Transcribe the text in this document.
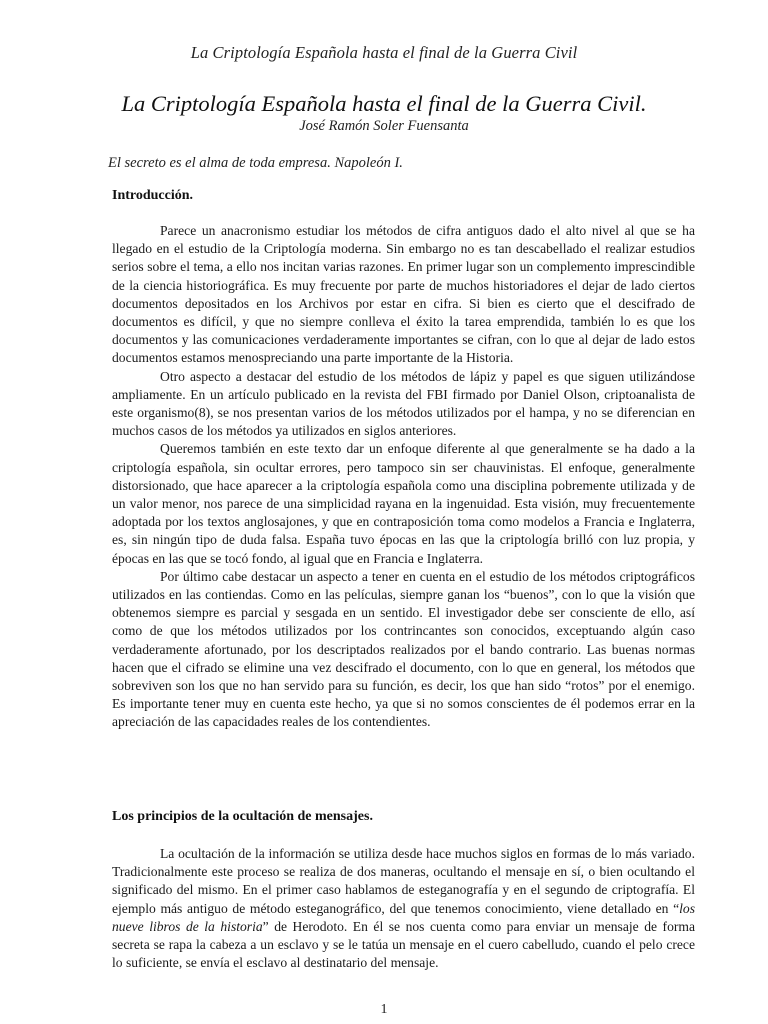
La Criptología Española hasta el final de la Guerra Civil
La Criptología Española hasta el final de la Guerra Civil.
José Ramón Soler Fuensanta
El secreto es el alma de toda empresa. Napoleón I.
Introducción.

Parece un anacronismo estudiar los métodos de cifra antiguos dado el alto nivel al que se ha llegado en el estudio de la Criptología moderna. Sin embargo no es tan descabellado el realizar estudios serios sobre el tema, a ello nos incitan varias razones. En primer lugar son un complemento imprescindible de la ciencia historiográfica. Es muy frecuente por parte de muchos historiadores el dejar de lado ciertos documentos depositados en los Archivos por estar en cifra. Si bien es cierto que el descifrado de documentos es difícil, y que no siempre conlleva el éxito la tarea emprendida, también lo es que los documentos y las comunicaciones verdaderamente importantes se cifran, con lo que al dejar de lado estos documentos estamos menospreciando una parte importante de la Historia.

Otro aspecto a destacar del estudio de los métodos de lápiz y papel es que siguen utilizándose ampliamente. En un artículo publicado en la revista del FBI firmado por Daniel Olson, criptoanalista de este organismo(8), se nos presentan varios de los métodos utilizados por el hampa, y no se diferencian en muchos casos de los métodos ya utilizados en siglos anteriores.

Queremos también en este texto dar un enfoque diferente al que generalmente se ha dado a la criptología española, sin ocultar errores, pero tampoco sin ser chauvinistas. El enfoque, generalmente distorsionado, que hace aparecer a la criptología española como una disciplina pobremente utilizada y de un valor menor, nos parece de una simplicidad rayana en la ingenuidad. Esta visión, muy frecuentemente adoptada por los textos anglosajones, y que en contraposición toma como modelos a Francia e Inglaterra, es, sin ningún tipo de duda falsa. España tuvo épocas en las que la criptología brilló con luz propia, y épocas en las que se tocó fondo, al igual que en Francia e Inglaterra.

Por último cabe destacar un aspecto a tener en cuenta en el estudio de los métodos criptográficos utilizados en las contiendas. Como en las películas, siempre ganan los “buenos”, con lo que la visión que obtenemos siempre es parcial y sesgada en un sentido. El investigador debe ser consciente de ello, así como de que los métodos utilizados por los contrincantes son conocidos, exceptuando algún caso verdaderamente afortunado, por los descriptados realizados por el bando contrario. Las buenas normas hacen que el cifrado se elimine una vez descifrado el documento, con lo que en general, los métodos que sobreviven son los que no han servido para su función, es decir, los que han sido “rotos” por el enemigo. Es importante tener muy en cuenta este hecho, ya que si no somos conscientes de él podemos errar en la apreciación de las capacidades reales de los contendientes.

Los principios de la ocultación de mensajes.

La ocultación de la información se utiliza desde hace muchos siglos en formas de lo más variado. Tradicionalmente este proceso se realiza de dos maneras, ocultando el mensaje en sí, o bien ocultando el significado del mismo. En el primer caso hablamos de esteganografía y en el segundo de criptografía. El ejemplo más antiguo de método esteganográfico, del que tenemos conocimiento, viene detallado en “los nueve libros de la historia” de Herodoto. En él se nos cuenta como para enviar un mensaje de forma secreta se rapa la cabeza a un esclavo y se le tatúa un mensaje en el cuero cabelludo, cuando el pelo crece lo suficiente, se envía el esclavo al destinatario del mensaje.

1
